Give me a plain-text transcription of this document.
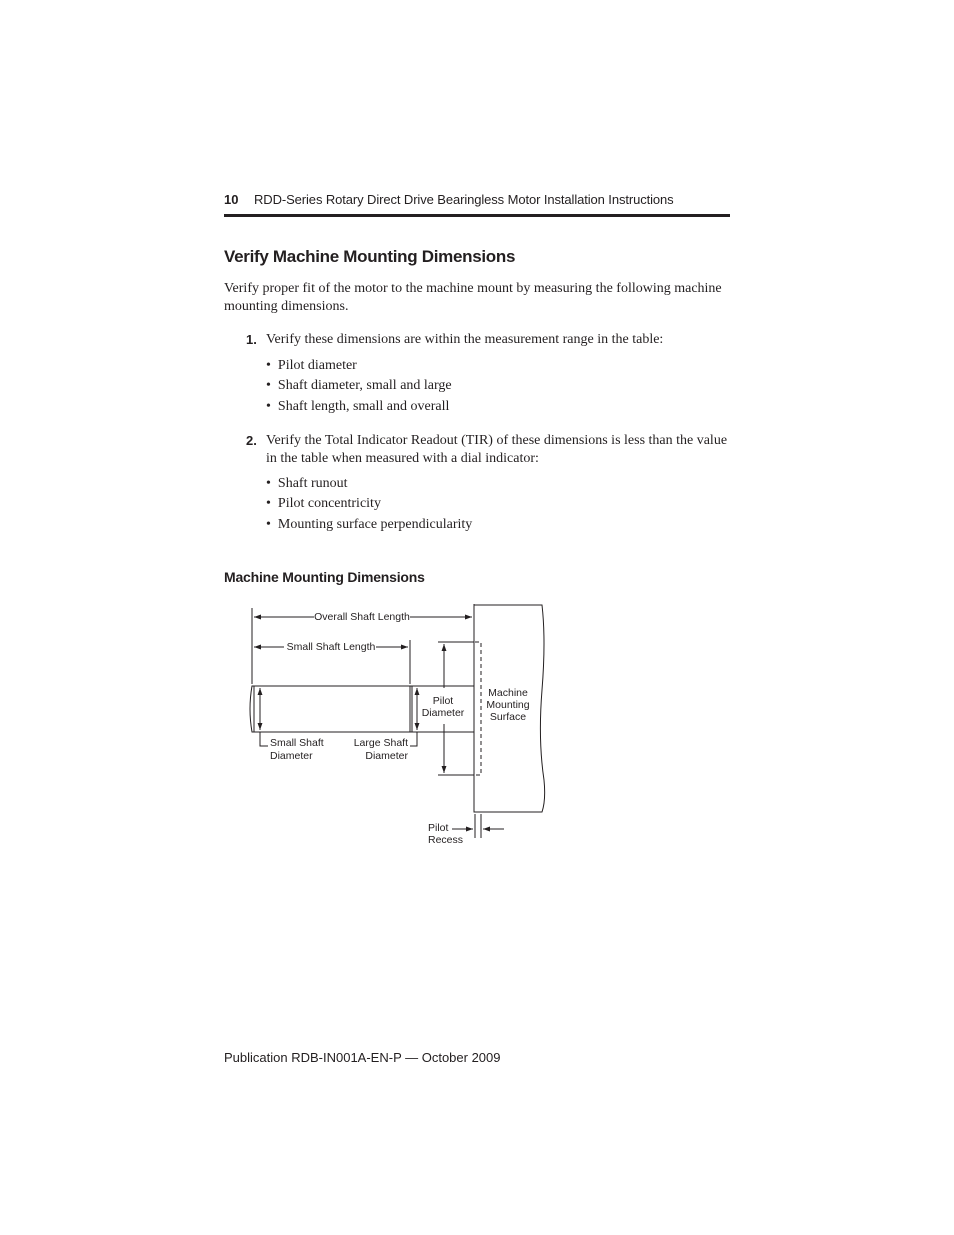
10 RDD-Series Rotary Direct Drive Bearingless Motor Installation Instructions
Verify Machine Mounting Dimensions

Verify proper fit of the motor to the machine mount by measuring the following machine mounting dimensions.

1. Verify these dimensions are within the measurement range in the table:
• Pilot diameter
• Shaft diameter, small and large
• Shaft length, small and overall
2. Verify the Total Indicator Readout (TIR) of these dimensions is less than the value in the table when measured with a dial indicator:
• Shaft runout
• Pilot concentricity
• Mounting surface perpendicularity
Machine Mounting Dimensions
Overall Shaft Length
Small Shaft Length
Pilot
Diameter
Machine
Mounting
Surface
Small Shaft
Diameter
Large Shaft
Diameter
Pilot
Recess
Publication RDB-IN001A-EN-P — October 2009
